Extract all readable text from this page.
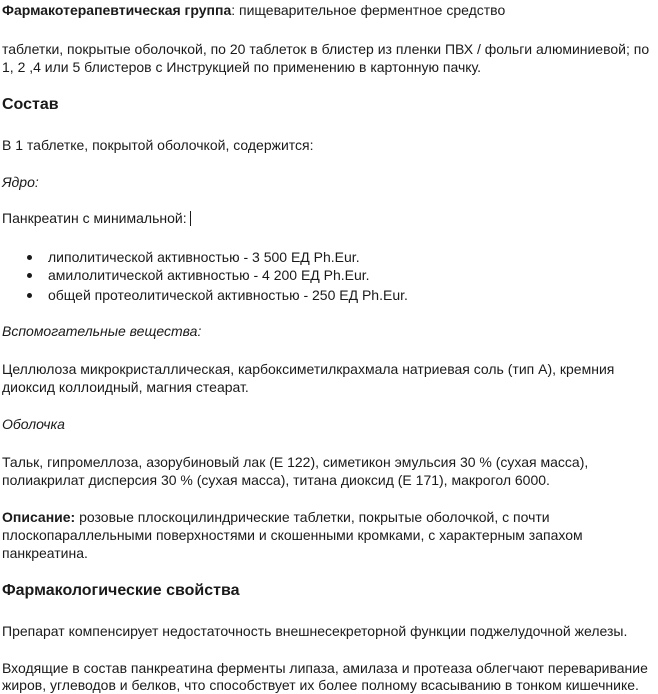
Фармакотерапевтическая группа: пищеварительное ферментное средство
таблетки, покрытые оболочкой, по 20 таблеток в блистер из пленки ПВХ / фольги алюминиевой; по
1, 2 ,4 или 5 блистеров с Инструкцией по применению в картонную пачку.
Состав
В 1 таблетке, покрытой оболочкой, содержится:
Ядро:
Панкреатин с минимальной:
липолитической активностью - 3 500 ЕД Ph.Eur.
амилолитической активностью - 4 200 ЕД Ph.Eur.
общей протеолитической активностью - 250 ЕД Ph.Eur.
Вспомогательные вещества:
Целлюлоза микрокристаллическая, карбоксиметилкрахмала натриевая соль (тип А), кремния
диоксид коллоидный, магния стеарат.
Оболочка
Тальк, гипромеллоза, азорубиновый лак (Е 122), симетикон эмульсия 30 % (сухая масса),
полиакрилат дисперсия 30 % (сухая масса), титана диоксид (Е 171), макрогол 6000.
Описание: розовые плоскоцилиндрические таблетки, покрытые оболочкой, с почти
плоскопараллельными поверхностями и скошенными кромками, с характерным запахом
панкреатина.
Фармакологические свойства
Препарат компенсирует недостаточность внешнесекреторной функции поджелудочной железы.
Входящие в состав панкреатина ферменты липаза, амилаза и протеаза облегчают переваривание
жиров, углеводов и белков, что способствует их более полному всасыванию в тонком кишечнике.
